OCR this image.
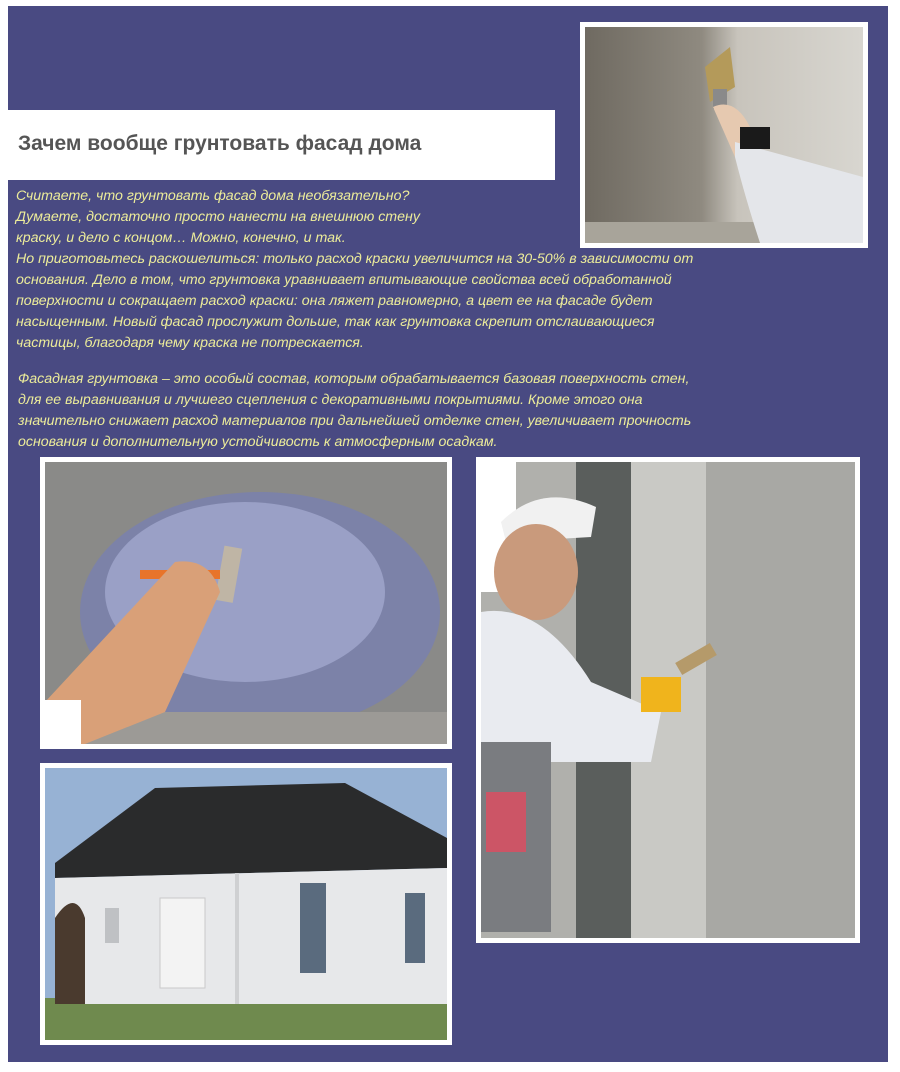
Зачем вообще грунтовать фасад дома

Считаете, что грунтовать фасад дома необязательно?
Думаете, достаточно просто нанести на внешнюю стену
краску, и дело с концом… Можно, конечно, и так.
Но приготовьтесь раскошелиться: только расход краски увеличится на 30-50% в зависимости от
основания. Дело в том, что грунтовка уравнивает впитывающие свойства всей обработанной
поверхности и сокращает расход краски: она ляжет равномерно, а цвет ее на фасаде будет
насыщенным. Новый фасад прослужит дольше, так как грунтовка скрепит отслаивающиеся
частицы, благодаря чему краска не потрескается.

Фасадная грунтовка – это особый состав, которым обрабатывается базовая поверхность стен,
для ее выравнивания и лучшего сцепления с декоративными покрытиями. Кроме этого она
значительно снижает расход материалов при дальнейшей отделке стен, увеличивает прочность
основания и дополнительную устойчивость к атмосферным осадкам.
